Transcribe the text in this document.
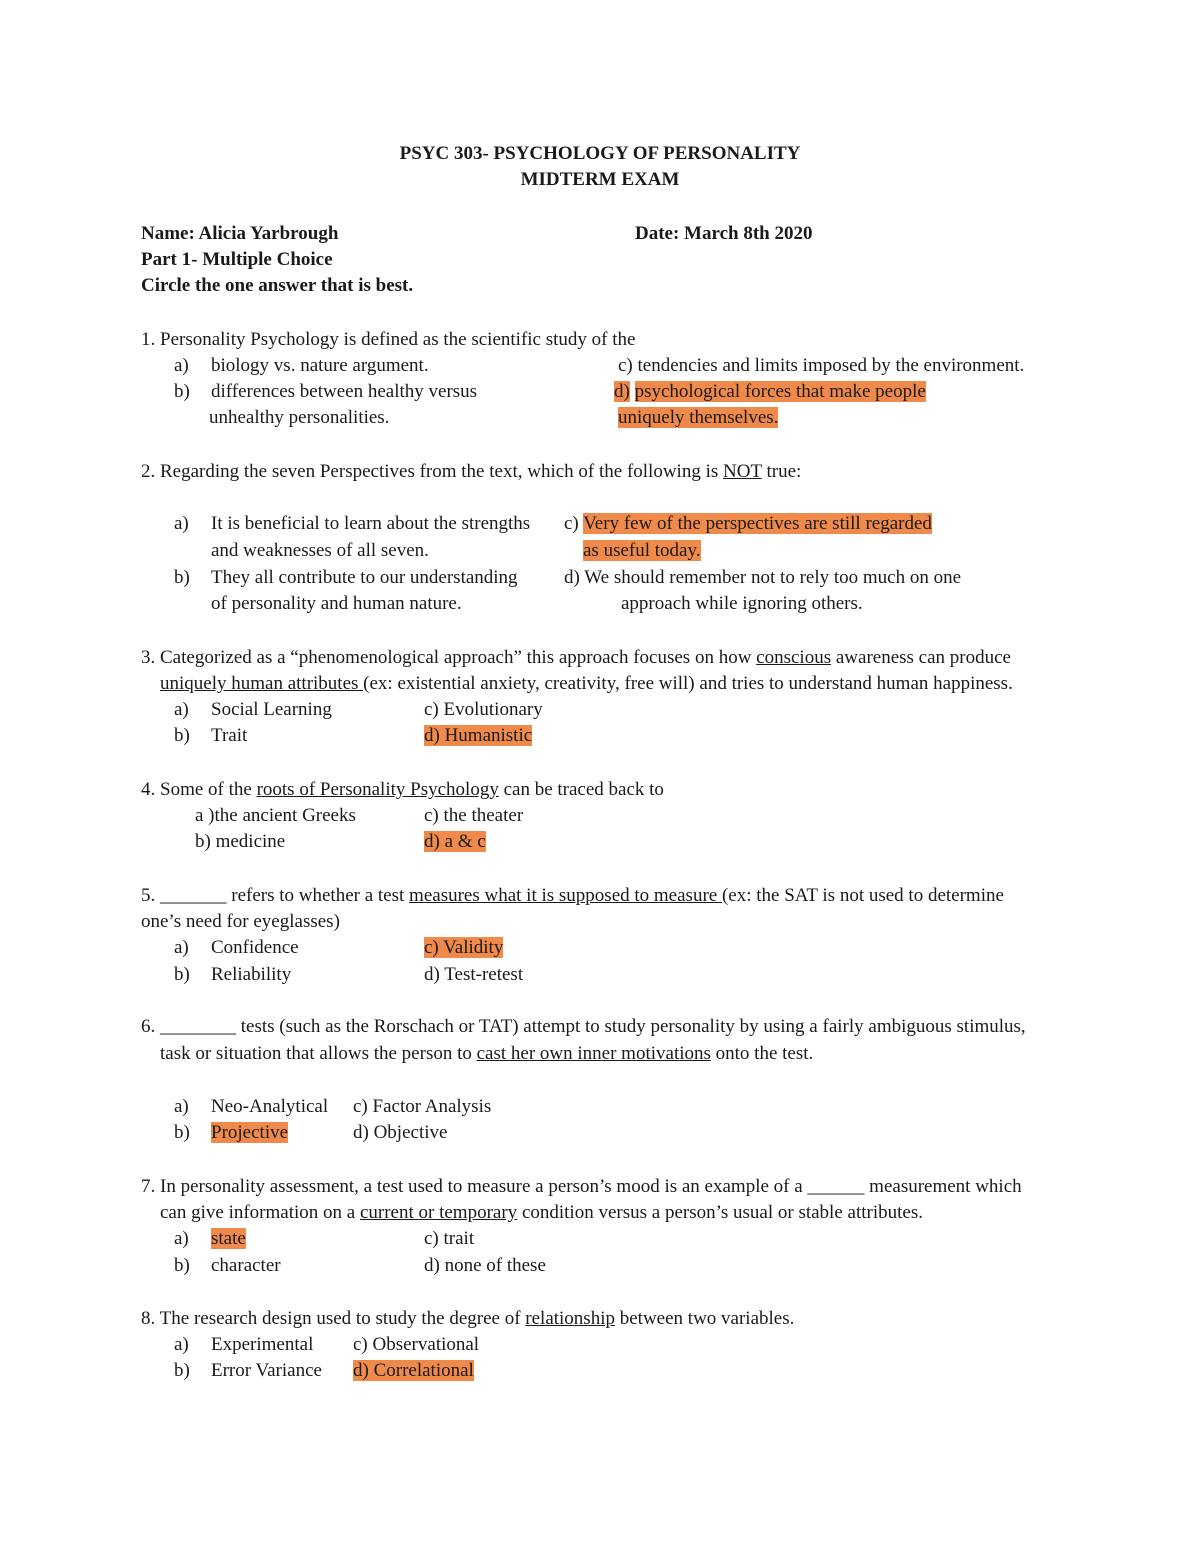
PSYC 303- PSYCHOLOGY OF PERSONALITY
MIDTERM EXAM
Name: Alicia Yarbrough	Date: March 8th 2020
Part 1- Multiple Choice
Circle the one answer that is best.
1. Personality Psychology is defined as the scientific study of the
a) biology vs. nature argument.
b) differences between healthy versus
unhealthy personalities.
c) tendencies and limits imposed by the environment.
d) psychological forces that make people
uniquely themselves.
2. Regarding the seven Perspectives from the text, which of the following is NOT true:
a) It is beneficial to learn about the strengths
and weaknesses of all seven.
b) They all contribute to our understanding
of personality and human nature.
c) Very few of the perspectives are still regarded
as useful today.
d) We should remember not to rely too much on one
approach while ignoring others.
3. Categorized as a “phenomenological approach” this approach focuses on how conscious awareness can produce
uniquely human attributes (ex: existential anxiety, creativity, free will) and tries to understand human happiness.
a) Social Learning
b) Trait
c) Evolutionary
d) Humanistic
4. Some of the roots of Personality Psychology can be traced back to
a )the ancient Greeks
b) medicine
c) the theater
d) a & c
5. _______ refers to whether a test measures what it is supposed to measure (ex: the SAT is not used to determine
one’s need for eyeglasses)
a) Confidence
b) Reliability
c) Validity
d) Test-retest
6. ________ tests (such as the Rorschach or TAT) attempt to study personality by using a fairly ambiguous stimulus,
task or situation that allows the person to cast her own inner motivations onto the test.
a) Neo-Analytical
b) Projective
c) Factor Analysis
d) Objective
7. In personality assessment, a test used to measure a person’s mood is an example of a ______ measurement which
can give information on a current or temporary condition versus a person’s usual or stable attributes.
a) state
b) character
c) trait
d) none of these
8. The research design used to study the degree of relationship between two variables.
a) Experimental
b) Error Variance
c) Observational
d) Correlational
